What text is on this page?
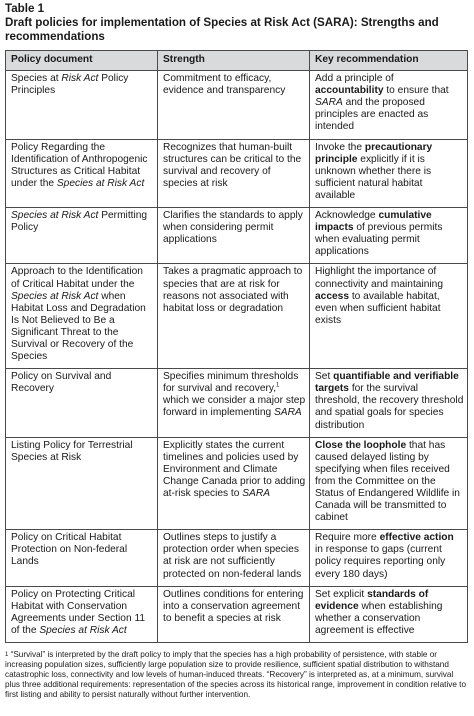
Table 1
Draft policies for implementation of Species at Risk Act (SARA): Strengths and recommendations
Policy document	Strength	Key recommendation
Species at Risk Act Policy Principles	Commitment to efficacy, evidence and transparency	Add a principle of accountability to ensure that SARA and the proposed principles are enacted as intended
Policy Regarding the Identification of Anthropogenic Structures as Critical Habitat under the Species at Risk Act	Recognizes that human-built structures can be critical to the survival and recovery of species at risk	Invoke the precautionary principle explicitly if it is unknown whether there is sufficient natural habitat available
Species at Risk Act Permitting Policy	Clarifies the standards to apply when considering permit applications	Acknowledge cumulative impacts of previous permits when evaluating permit applications
Approach to the Identification of Critical Habitat under the Species at Risk Act when Habitat Loss and Degradation Is Not Believed to Be a Significant Threat to the Survival or Recovery of the Species	Takes a pragmatic approach to species that are at risk for reasons not associated with habitat loss or degradation	Highlight the importance of connectivity and maintaining access to available habitat, even when sufficient habitat exists
Policy on Survival and Recovery	Specifies minimum thresholds for survival and recovery,$^1$ which we consider a major step forward in implementing SARA	Set quantifiable and verifiable targets for the survival threshold, the recovery threshold and spatial goals for species distribution
Listing Policy for Terrestrial Species at Risk	Explicitly states the current timelines and policies used by Environment and Climate Change Canada prior to adding at-risk species to SARA	Close the loophole that has caused delayed listing by specifying when files received from the Committee on the Status of Endangered Wildlife in Canada will be transmitted to cabinet
Policy on Critical Habitat Protection on Non-federal Lands	Outlines steps to justify a protection order when species at risk are not sufficiently protected on non-federal lands	Require more effective action in response to gaps (current policy requires reporting only every 180 days)
Policy on Protecting Critical Habitat with Conservation Agreements under Section 11 of the Species at Risk Act	Outlines conditions for entering into a conservation agreement to benefit a species at risk	Set explicit standards of evidence when establishing whether a conservation agreement is effective
$^1$ “Survival” is interpreted by the draft policy to imply that the species has a high probability of persistence, with stable or increasing population sizes, sufficiently large population size to provide resilience, sufficient spatial distribution to withstand catastrophic loss, connectivity and low levels of human-induced threats. “Recovery” is interpreted as, at a minimum, survival plus three additional requirements: representation of the species across its historical range, improvement in condition relative to first listing and ability to persist naturally without further intervention.
